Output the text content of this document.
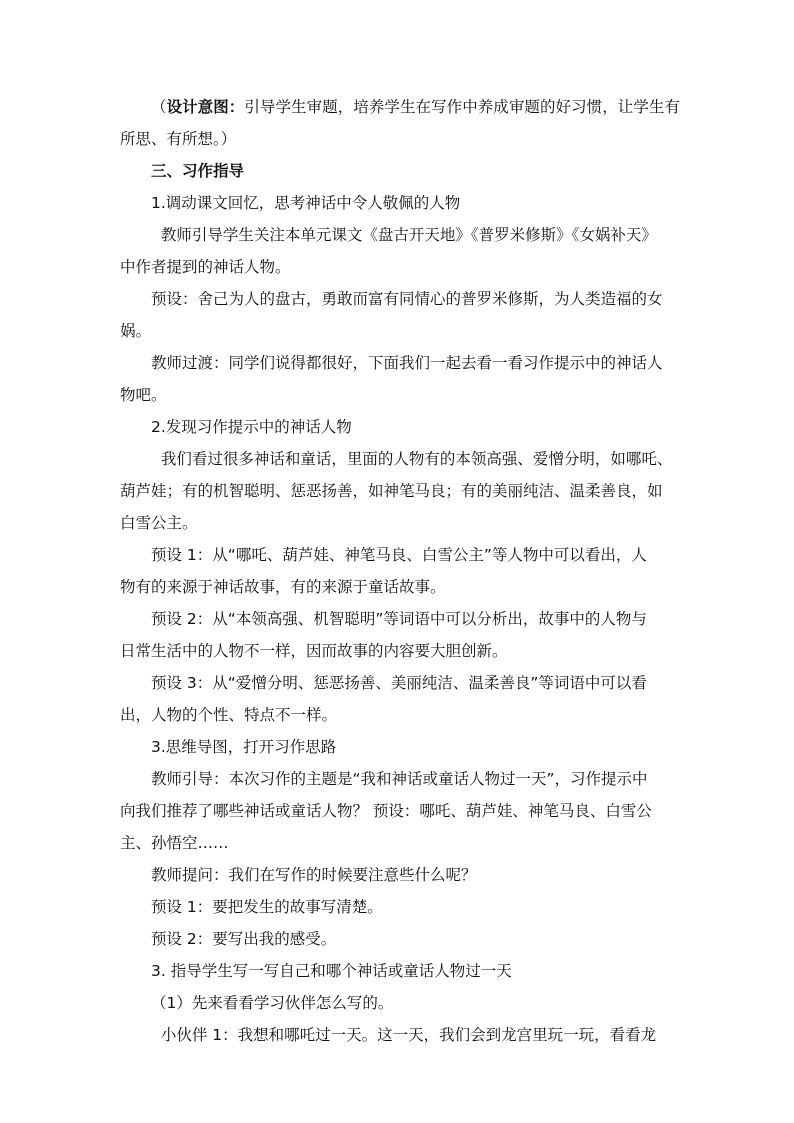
（设计意图：引导学生审题，培养学生在写作中养成审题的好习惯，让学生有所思、有所想。）

三、习作指导

1.调动课文回忆，思考神话中令人敬佩的人物

教师引导学生关注本单元课文《盘古开天地》《普罗米修斯》《女娲补天》
中作者提到的神话人物。

预设：舍己为人的盘古，勇敢而富有同情心的普罗米修斯，为人类造福的女
娲。

教师过渡：同学们说得都很好，下面我们一起去看一看习作提示中的神话人
物吧。

2.发现习作提示中的神话人物

我们看过很多神话和童话，里面的人物有的本领高强、爱憎分明，如哪吒、
葫芦娃；有的机智聪明、惩恶扬善，如神笔马良；有的美丽纯洁、温柔善良，如
白雪公主。

预设 1：从“哪吒、葫芦娃、神笔马良、白雪公主”等人物中可以看出，人
物有的来源于神话故事，有的来源于童话故事。

预设 2：从“本领高强、机智聪明”等词语中可以分析出，故事中的人物与
日常生活中的人物不一样，因而故事的内容要大胆创新。

预设 3：从“爱憎分明、惩恶扬善、美丽纯洁、温柔善良”等词语中可以看
出，人物的个性、特点不一样。

3.思维导图，打开习作思路

教师引导：本次习作的主题是“我和神话或童话人物过一天”，习作提示中
向我们推荐了哪些神话或童话人物？ 预设：哪吒、葫芦娃、神笔马良、白雪公
主、孙悟空……

教师提问：我们在写作的时候要注意些什么呢？

预设 1：要把发生的故事写清楚。

预设 2：要写出我的感受。

3. 指导学生写一写自己和哪个神话或童话人物过一天

（1）先来看看学习伙伴怎么写的。

小伙伴 1：我想和哪吒过一天。这一天，我们会到龙宫里玩一玩，看看龙
